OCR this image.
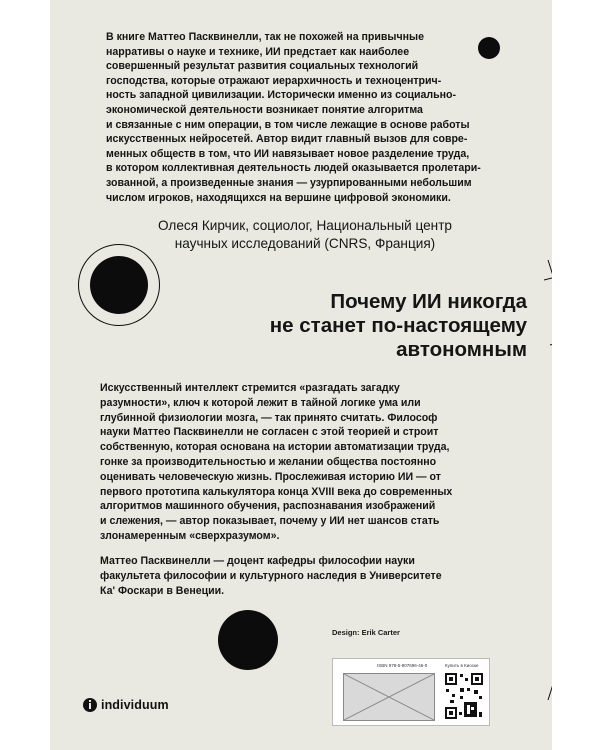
В книге Маттео Пасквинелли, так не похожей на привычные
нарративы о науке и технике, ИИ предстает как наиболее
совершенный результат развития социальных технологий
господства, которые отражают иерархичность и техноцентрич-
ность западной цивилизации. Исторически именно из социально-
экономической деятельности возникает понятие алгоритма
и связанные с ним операции, в том числе лежащие в основе работы
искусственных нейросетей. Автор видит главный вызов для совре-
менных обществ в том, что ИИ навязывает новое разделение труда,
в котором коллективная деятельность людей оказывается пролетари-
зованной, а произведенные знания — узурпированными небольшим
числом игроков, находящихся на вершине цифровой экономики.
Олеся Кирчик, социолог, Национальный центр
научных исследований (CNRS, Франция)
Почему ИИ никогда
не станет по-настоящему
автономным
Искусственный интеллект стремится «разгадать загадку
разумности», ключ к которой лежит в тайной логике ума или
глубинной физиологии мозга, — так принято считать. Философ
науки Маттео Пасквинелли не согласен с этой теорией и строит
собственную, которая основана на истории автоматизации труда,
гонке за производительностью и желании общества постоянно
оценивать человеческую жизнь. Прослеживая историю ИИ — от
первого прототипа калькулятора конца XVIII века до современных
алгоритмов машинного обучения, распознавания изображений
и слежения, — автор показывает, почему у ИИ нет шансов стать
злонамеренным «сверхразумом».
Маттео Пасквинелли — доцент кафедры философии науки
факультета философии и культурного наследия в Университете
Ка' Фоскари в Венеции.
Design: Erik Carter
individuum
ISBN 978-5-907696-46-0	Купить в Киоске
